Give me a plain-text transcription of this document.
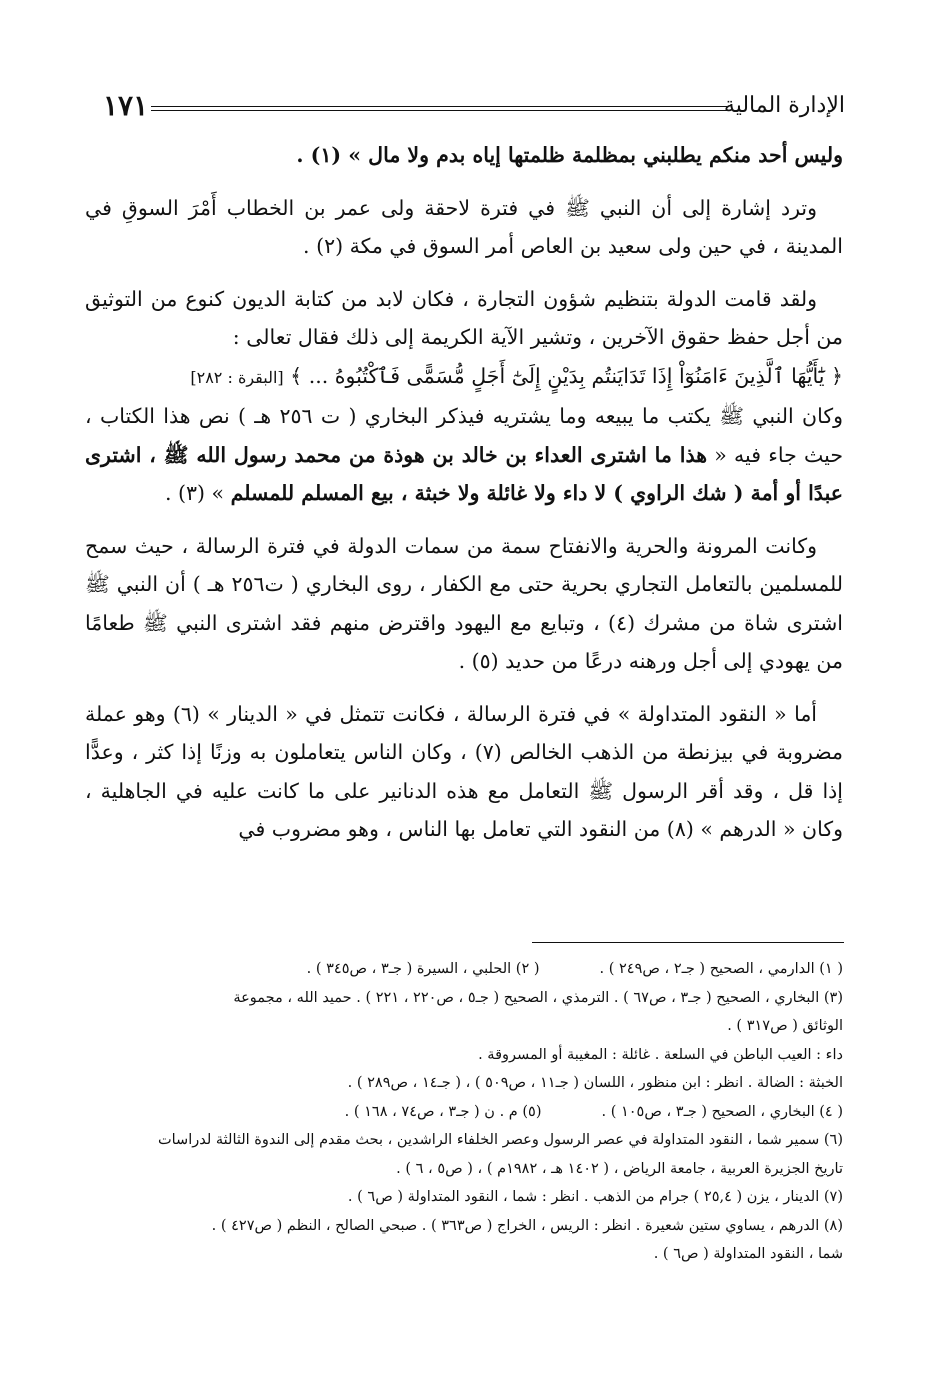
الإدارة المالية
١٧١

وليس أحد منكم يطلبني بمظلمة ظلمتها إياه بدم ولا مال » (١) .

وترد إشارة إلى أن النبي ﷺ في فترة لاحقة ولى عمر بن الخطاب أَمْرَ السوقِ في المدينة ، في حين ولى سعيد بن العاص أمر السوق في مكة (٢) .

ولقد قامت الدولة بتنظيم شؤون التجارة ، فكان لابد من كتابة الديون كنوع من التوثيق من أجل حفظ حقوق الآخرين ، وتشير الآية الكريمة إلى ذلك فقال تعالى :
﴿ يَٰٓأَيُّهَا ٱلَّذِينَ ءَامَنُوٓاْ إِذَا تَدَايَنتُم بِدَيْنٍ إِلَىٰٓ أَجَلٍ مُّسَمًّى فَٱكْتُبُوهُ ... ﴾ [البقرة : ٢٨٢]
وكان النبي ﷺ يكتب ما يبيعه وما يشتريه فيذكر البخاري ( ت ٢٥٦ هـ ) نص هذا الكتاب ، حيث جاء فيه « هذا ما اشترى العداء بن خالد بن هوذة من محمد رسول الله ﷺ ، اشترى عبدًا أو أمة ( شك الراوي ) لا داء ولا غائلة ولا خبثة ، بيع المسلم للمسلم » (٣) .

وكانت المرونة والحرية والانفتاح سمة من سمات الدولة في فترة الرسالة ، حيث سمح للمسلمين بالتعامل التجاري بحرية حتى مع الكفار ، روى البخاري ( ت٢٥٦ هـ ) أن النبي ﷺ اشترى شاة من مشرك (٤) ، وتبايع مع اليهود واقترض منهم فقد اشترى النبي ﷺ طعامًا من يهودي إلى أجل ورهنه درعًا من حديد (٥) .

أما « النقود المتداولة » في فترة الرسالة ، فكانت تتمثل في « الدينار » (٦) وهو عملة مضروبة في بيزنطة من الذهب الخالص (٧) ، وكان الناس يتعاملون به وزنًا إذا كثر ، وعدًّا إذا قل ، وقد أقر الرسول ﷺ التعامل مع هذه الدنانير على ما كانت عليه في الجاهلية ، وكان « الدرهم » (٨) من النقود التي تعامل بها الناس ، وهو مضروب في

( ١) الدارمي ، الصحيح ( جـ٢ ، ص٢٤٩ ) .
( ٢) الحلبي ، السيرة ( جـ٣ ، ص٣٤٥ ) .

(٣) البخاري ، الصحيح ( جـ٣ ، ص٦٧ ) . الترمذي ، الصحيح ( جـ٥ ، ص٢٢٠ ، ٢٢١ ) . حميد الله ، مجموعة

الوثائق ( ص٣١٧ ) .

داء : العيب الباطن في السلعة . غائلة : المغيبة أو المسروقة .

الخبثة : الضالة . انظر : ابن منظور ، اللسان ( جـ١١ ، ص٥٠٩ ) ، ( جـ١٤ ، ص٢٨٩ ) .

( ٤) البخاري ، الصحيح ( جـ٣ ، ص١٠٥ ) .
(٥) م . ن ( جـ٣ ، ص٧٤ ، ١٦٨ ) .

(٦) سمير شما ، النقود المتداولة في عصر الرسول وعصر الخلفاء الراشدين ، بحث مقدم إلى الندوة الثالثة لدراسات

تاريخ الجزيرة العربية ، جامعة الرياض ، ( ١٤٠٢ هـ ، ١٩٨٢م ) ، ( ص٥ ، ٦ ) .

(٧) الدينار ، يزن ( ٢٥,٤ ) جرام من الذهب . انظر : شما ، النقود المتداولة ( ص٦ ) .

(٨) الدرهم ، يساوي ستين شعيرة . انظر : الريس ، الخراج ( ص٣٦٣ ) . صبحي الصالح ، النظم ( ص٤٢٧ ) .

شما ، النقود المتداولة ( ص٦ ) .
